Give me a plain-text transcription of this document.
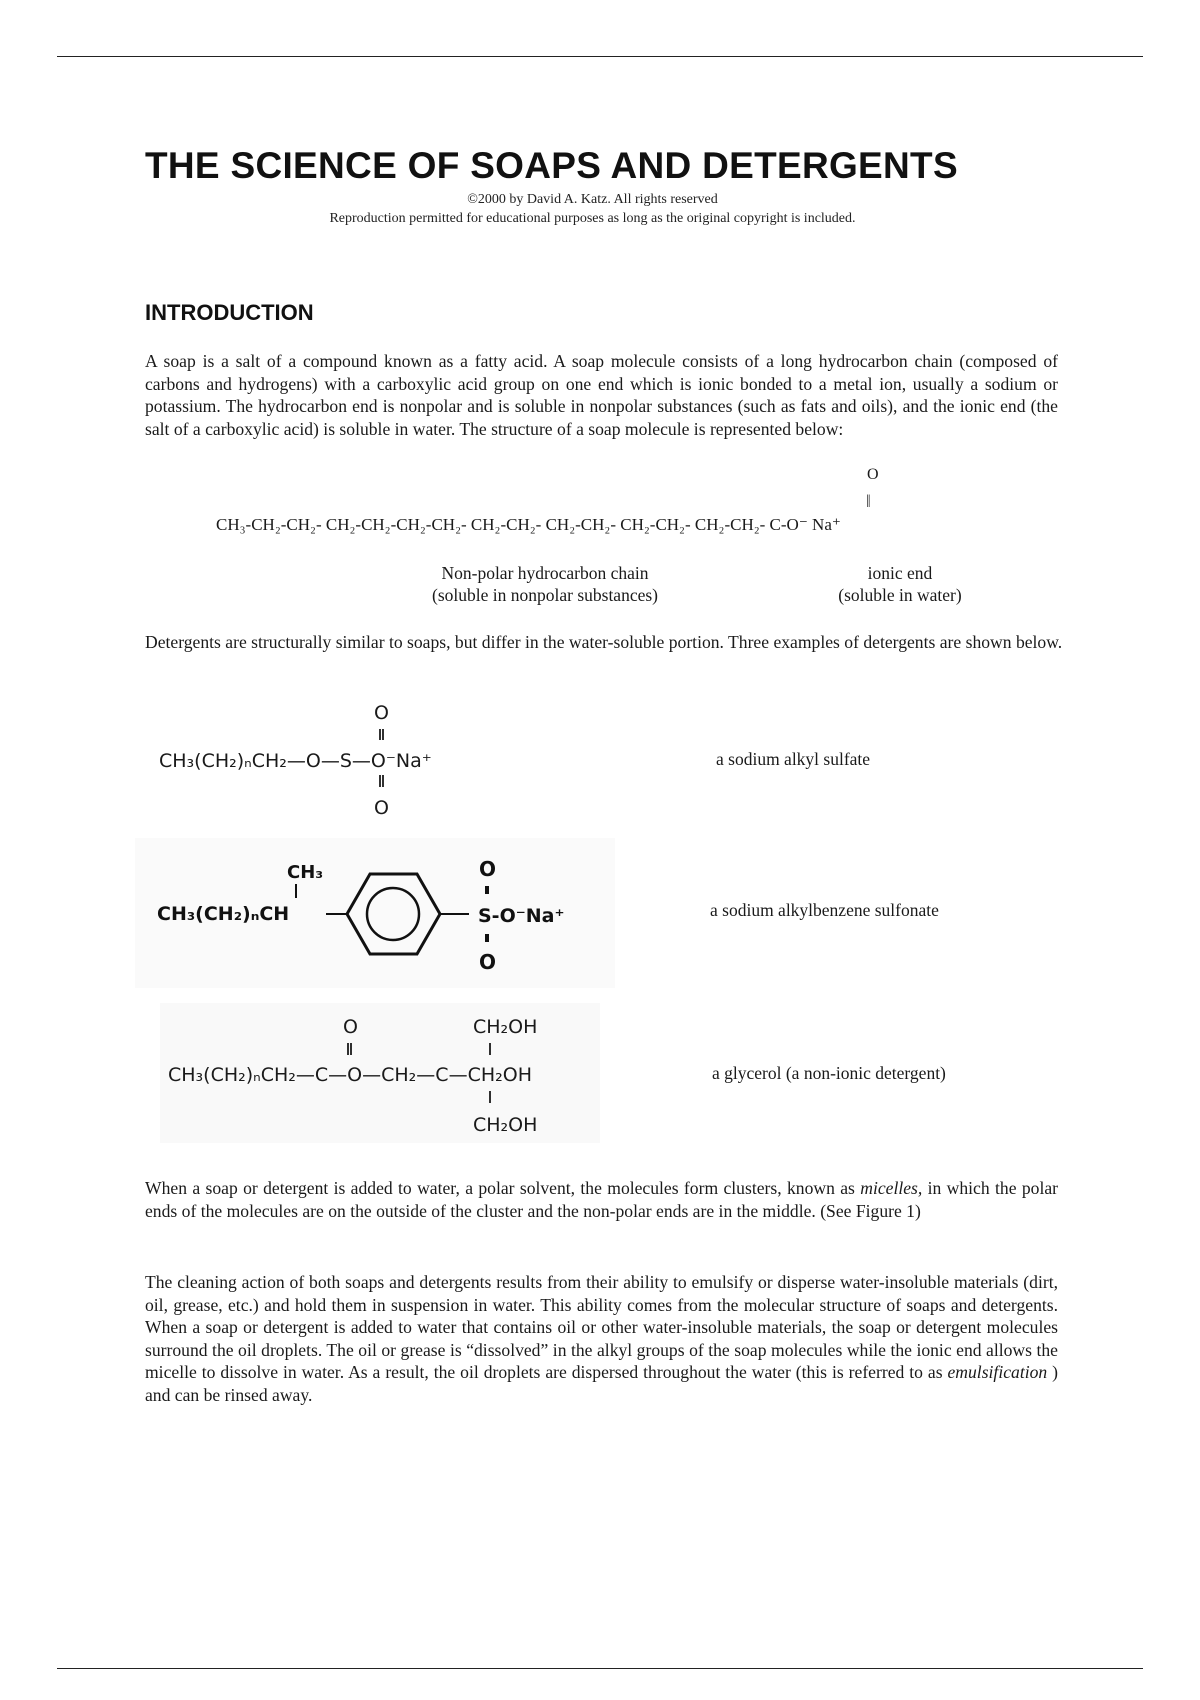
THE SCIENCE OF SOAPS AND DETERGENTS
©2000 by David A. Katz. All rights reserved
Reproduction permitted for educational purposes as long as the original copyright is included.
INTRODUCTION

A soap is a salt of a compound known as a fatty acid. A soap molecule consists of a long hydrocarbon chain (composed of carbons and hydrogens) with a carboxylic acid group on one end which is ionic bonded to a metal ion, usually a sodium or potassium. The hydrocarbon end is nonpolar and is soluble in nonpolar substances (such as fats and oils), and the ionic end (the salt of a carboxylic acid) is soluble in water. The structure of a soap molecule is represented below:

O
||
CH₃-CH₂-CH₂- CH₂-CH₂-CH₂-CH₂- CH₂-CH₂- CH₂-CH₂- CH₂-CH₂- CH₂-CH₂- C-O⁻ Na⁺
Non-polar hydrocarbon chain
(soluble in nonpolar substances)
ionic end
(soluble in water)

Detergents are structurally similar to soaps, but differ in the water-soluble portion. Three examples of detergents are shown below.

O
CH₃(CH₂)ₙCH₂—O—S—O⁻Na⁺
O
a sodium alkyl sulfate
CH₃
CH₃(CH₂)ₙCH
O
S-O⁻Na⁺
O
a sodium alkylbenzene sulfonate
O	CH₂OH
CH₃(CH₂)ₙCH₂—C—O—CH₂—C—CH₂OH
CH₂OH
a glycerol (a non-ionic detergent)

When a soap or detergent is added to water, a polar solvent, the molecules form clusters, known as micelles, in which the polar ends of the molecules are on the outside of the cluster and the non-polar ends are in the middle. (See Figure 1)

The cleaning action of both soaps and detergents results from their ability to emulsify or disperse water-insoluble materials (dirt, oil, grease, etc.) and hold them in suspension in water. This ability comes from the molecular structure of soaps and detergents. When a soap or detergent is added to water that contains oil or other water-insoluble materials, the soap or detergent molecules surround the oil droplets. The oil or grease is “dissolved” in the alkyl groups of the soap molecules while the ionic end allows the micelle to dissolve in water. As a result, the oil droplets are dispersed throughout the water (this is referred to as emulsification ) and can be rinsed away.
